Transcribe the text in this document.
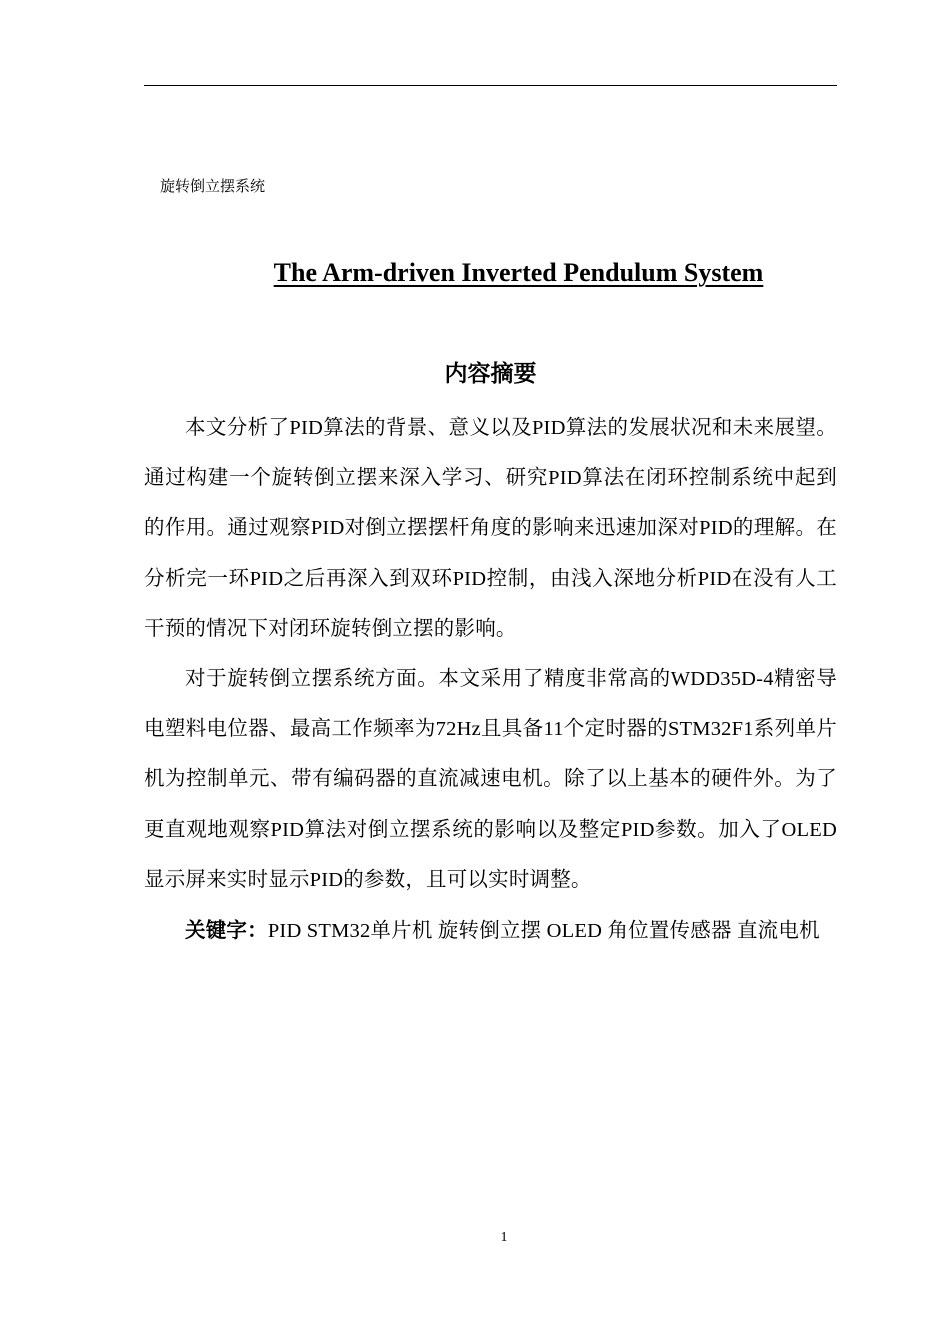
旋转倒立摆系统
The Arm-driven Inverted Pendulum System
内容摘要

本文分析了PID算法的背景、意义以及PID算法的发展状况和未来展望。通过构建一个旋转倒立摆来深入学习、研究PID算法在闭环控制系统中起到的作用。通过观察PID对倒立摆摆杆角度的影响来迅速加深对PID的理解。在分析完一环PID之后再深入到双环PID控制，由浅入深地分析PID在没有人工干预的情况下对闭环旋转倒立摆的影响。

对于旋转倒立摆系统方面。本文采用了精度非常高的WDD35D-4精密导电塑料电位器、最高工作频率为72Hz且具备11个定时器的STM32F1系列单片机为控制单元、带有编码器的直流减速电机。除了以上基本的硬件外。为了更直观地观察PID算法对倒立摆系统的影响以及整定PID参数。加入了OLED显示屏来实时显示PID的参数，且可以实时调整。

关键字：PID STM32单片机 旋转倒立摆 OLED 角位置传感器 直流电机

1
